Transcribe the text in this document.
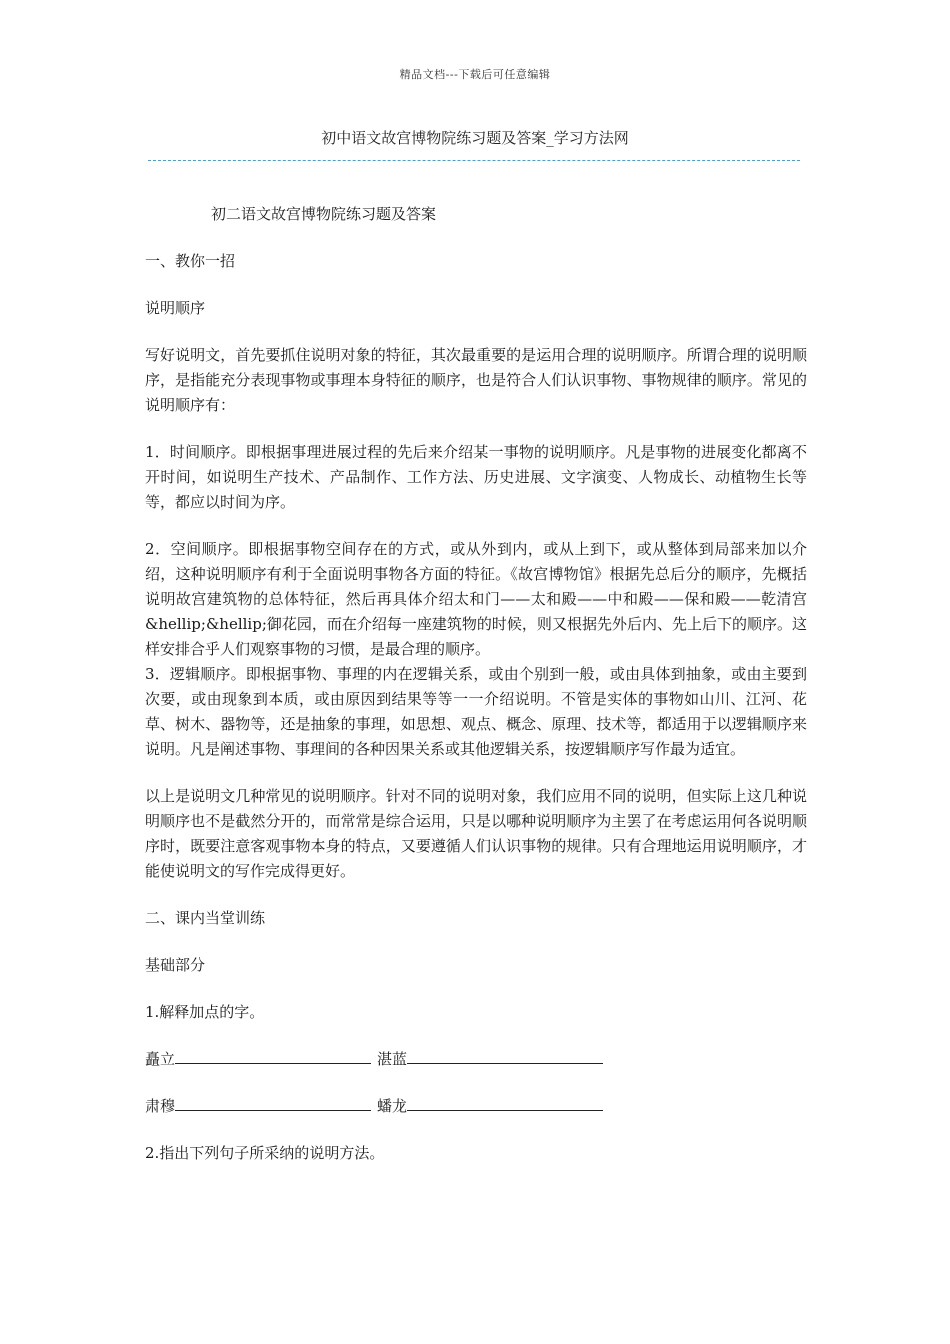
精品文档---下载后可任意编辑
初中语文故宫博物院练习题及答案_学习方法网

初二语文故宫博物院练习题及答案

一、教你一招

说明顺序

写好说明文，首先要抓住说明对象的特征，其次最重要的是运用合理的说明顺序。所谓合理的说明顺序，是指能充分表现事物或事理本身特征的顺序，也是符合人们认识事物、事物规律的顺序。常见的说明顺序有：

1．时间顺序。即根据事理进展过程的先后来介绍某一事物的说明顺序。凡是事物的进展变化都离不开时间，如说明生产技术、产品制作、工作方法、历史进展、文字演变、人物成长、动植物生长等等，都应以时间为序。

2．空间顺序。即根据事物空间存在的方式，或从外到内，或从上到下，或从整体到局部来加以介绍，这种说明顺序有利于全面说明事物各方面的特征。《故宫博物馆》根据先总后分的顺序，先概括说明故宫建筑物的总体特征，然后再具体介绍太和门——太和殿——中和殿——保和殿——乾清宫&hellip;&hellip;御花园，而在介绍每一座建筑物的时候，则又根据先外后内、先上后下的顺序。这样安排合乎人们观察事物的习惯，是最合理的顺序。

3．逻辑顺序。即根据事物、事理的内在逻辑关系，或由个别到一般，或由具体到抽象，或由主要到次要，或由现象到本质，或由原因到结果等等一一介绍说明。不管是实体的事物如山川、江河、花草、树木、器物等，还是抽象的事理，如思想、观点、概念、原理、技术等，都适用于以逻辑顺序来说明。凡是阐述事物、事理间的各种因果关系或其他逻辑关系，按逻辑顺序写作最为适宜。

以上是说明文几种常见的说明顺序。针对不同的说明对象，我们应用不同的说明，但实际上这几种说明顺序也不是截然分开的，而常常是综合运用，只是以哪种说明顺序为主罢了在考虑运用何各说明顺序时，既要注意客观事物本身的特点，又要遵循人们认识事物的规律。只有合理地运用说明顺序，才能使说明文的写作完成得更好。

二、课内当堂训练

基础部分

1.解释加点的字。

矗立	湛蓝

肃穆	蟠龙

2.指出下列句子所采纳的说明方法。
